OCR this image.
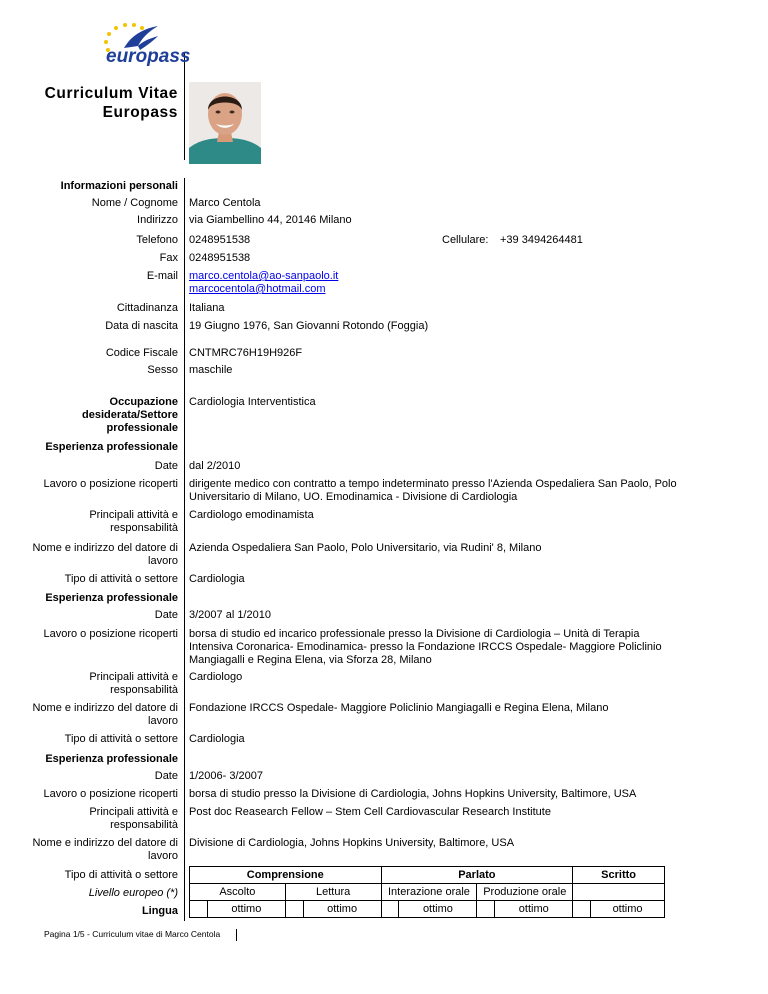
europass
Curriculum Vitae
Europass
Informazioni personali
Nome / Cognome Marco Centola
Indirizzo via Giambellino 44, 20146 Milano
Telefono 0248951538	Cellulare: +39 3494264481
Fax 0248951538
E-mail marco.centola@ao-sanpaolo.it
marcocentola@hotmail.com
Cittadinanza Italiana
Data di nascita 19 Giugno 1976, San Giovanni Rotondo (Foggia)
Codice Fiscale CNTMRC76H19H926F
Sesso maschile
Occupazione
desiderata/Settore
professionale
Cardiologia Interventistica
Esperienza professionale
Date dal 2/2010
Lavoro o posizione ricoperti dirigente medico con contratto a tempo indeterminato presso l'Azienda Ospedaliera San Paolo, Polo
Universitario di Milano, UO. Emodinamica - Divisione di Cardiologia
Principali attività e
responsabilità
Cardiologo emodinamista
Nome e indirizzo del datore di
lavoro
Azienda Ospedaliera San Paolo, Polo Universitario, via Rudini' 8, Milano
Tipo di attività o settore Cardiologia
Esperienza professionale
Date 3/2007 al 1/2010
Lavoro o posizione ricoperti borsa di studio ed incarico professionale presso la Divisione di Cardiologia – Unità di Terapia
Intensiva Coronarica- Emodinamica- presso la Fondazione IRCCS Ospedale- Maggiore Policlinio
Mangiagalli e Regina Elena, via Sforza 28, Milano
Principali attività e
responsabilità
Cardiologo
Nome e indirizzo del datore di
lavoro
Fondazione IRCCS Ospedale- Maggiore Policlinio Mangiagalli e Regina Elena, Milano
Tipo di attività o settore Cardiologia
Esperienza professionale
Date 1/2006- 3/2007
Lavoro o posizione ricoperti borsa di studio presso la Divisione di Cardiologia, Johns Hopkins University, Baltimore, USA
Principali attività e
responsabilità
Post doc Reasearch Fellow – Stem Cell Cardiovascular Research Institute
Nome e indirizzo del datore di
lavoro
Divisione di Cardiologia, Johns Hopkins University, Baltimore, USA
Tipo di attività o settore
Livello europeo (*)
Lingua
Comprensione				Parlato				Scritto	
Ascolto		Lettura		Interazione orale		Produzione orale			
	ottimo		ottimo		ottimo		ottimo		ottimo
Pagina 1/5 - Curriculum vitae di Marco Centola
